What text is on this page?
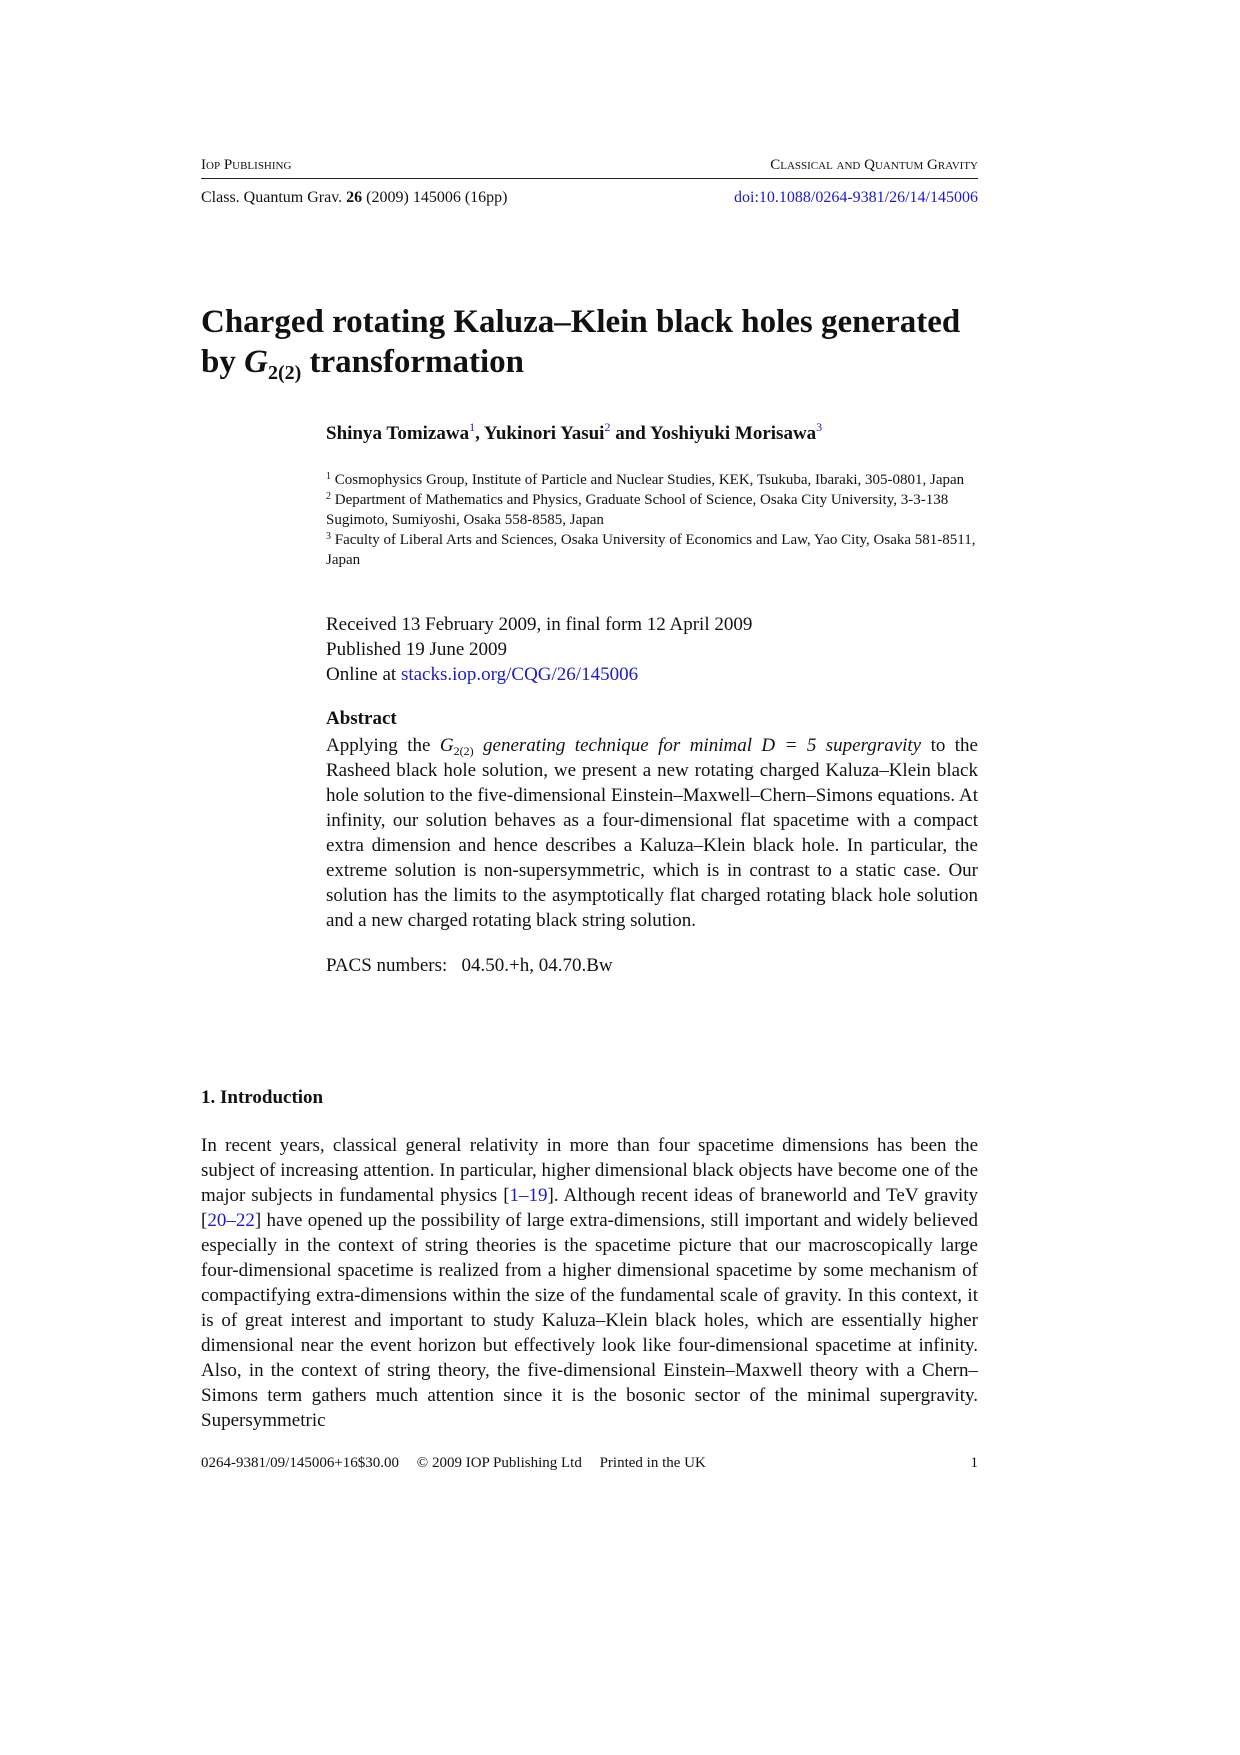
IOP PUBLISHING	CLASSICAL AND QUANTUM GRAVITY
Class. Quantum Grav. 26 (2009) 145006 (16pp)	doi:10.1088/0264-9381/26/14/145006
Charged rotating Kaluza–Klein black holes generated
by $G_{2(2)}$ transformation
Shinya Tomizawa$^1$, Yukinori Yasui$^2$ and Yoshiyuki Morisawa$^3$

$^1$ Cosmophysics Group, Institute of Particle and Nuclear Studies, KEK, Tsukuba, Ibaraki, 305-0801, Japan

$^2$ Department of Mathematics and Physics, Graduate School of Science, Osaka City University, 3-3-138 Sugimoto, Sumiyoshi, Osaka 558-8585, Japan

$^3$ Faculty of Liberal Arts and Sciences, Osaka University of Economics and Law, Yao City, Osaka 581-8511, Japan

Received 13 February 2009, in final form 12 April 2009
Published 19 June 2009
Online at stacks.iop.org/CQG/26/145006
Abstract

Applying the $G_{2(2)}$ generating technique for minimal D = 5 supergravity to the Rasheed black hole solution, we present a new rotating charged Kaluza–Klein black hole solution to the five-dimensional Einstein–Maxwell–Chern–Simons equations. At infinity, our solution behaves as a four-dimensional flat spacetime with a compact extra dimension and hence describes a Kaluza–Klein black hole. In particular, the extreme solution is non-supersymmetric, which is in contrast to a static case. Our solution has the limits to the asymptotically flat charged rotating black hole solution and a new charged rotating black string solution.

PACS numbers: 04.50.+h, 04.70.Bw
1. Introduction

In recent years, classical general relativity in more than four spacetime dimensions has been the subject of increasing attention. In particular, higher dimensional black objects have become one of the major subjects in fundamental physics [1–19]. Although recent ideas of braneworld and TeV gravity [20–22] have opened up the possibility of large extra-dimensions, still important and widely believed especially in the context of string theories is the spacetime picture that our macroscopically large four-dimensional spacetime is realized from a higher dimensional spacetime by some mechanism of compactifying extra-dimensions within the size of the fundamental scale of gravity. In this context, it is of great interest and important to study Kaluza–Klein black holes, which are essentially higher dimensional near the event horizon but effectively look like four-dimensional spacetime at infinity. Also, in the context of string theory, the five-dimensional Einstein–Maxwell theory with a Chern–Simons term gathers much attention since it is the bosonic sector of the minimal supergravity. Supersymmetric

0264-9381/09/145006+16$30.00 © 2009 IOP Publishing Ltd Printed in the UK	1
